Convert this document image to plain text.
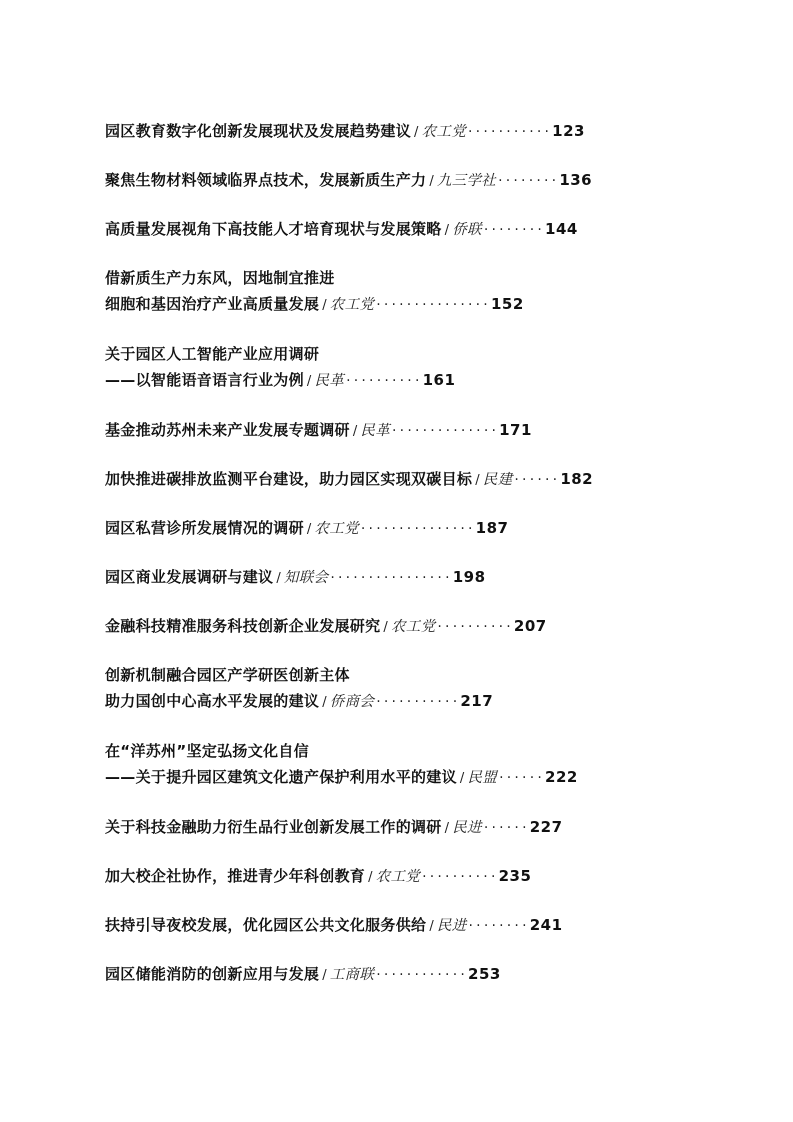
园区教育数字化创新发展现状及发展趋势建议 / 农工党 ···········123
聚焦生物材料领域临界点技术，发展新质生产力 / 九三学社 ········136
高质量发展视角下高技能人才培育现状与发展策略 / 侨联 ········144
借新质生产力东风，因地制宜推进
细胞和基因治疗产业高质量发展 / 农工党 ···············152
关于园区人工智能产业应用调研
——以智能语音语言行业为例 / 民革 ··········161
基金推动苏州未来产业发展专题调研 / 民革 ··············171
加快推进碳排放监测平台建设，助力园区实现双碳目标 / 民建 ······182
园区私营诊所发展情况的调研 / 农工党 ···············187
园区商业发展调研与建议 / 知联会 ················198
金融科技精准服务科技创新企业发展研究 / 农工党 ··········207
创新机制融合园区产学研医创新主体
助力国创中心高水平发展的建议 / 侨商会 ···········217
在“洋苏州”坚定弘扬文化自信
——关于提升园区建筑文化遗产保护利用水平的建议 / 民盟 ······222
关于科技金融助力衍生品行业创新发展工作的调研 / 民进 ······227
加大校企社协作，推进青少年科创教育 / 农工党 ··········235
扶持引导夜校发展，优化园区公共文化服务供给 / 民进 ········241
园区储能消防的创新应用与发展 / 工商联 ············253
